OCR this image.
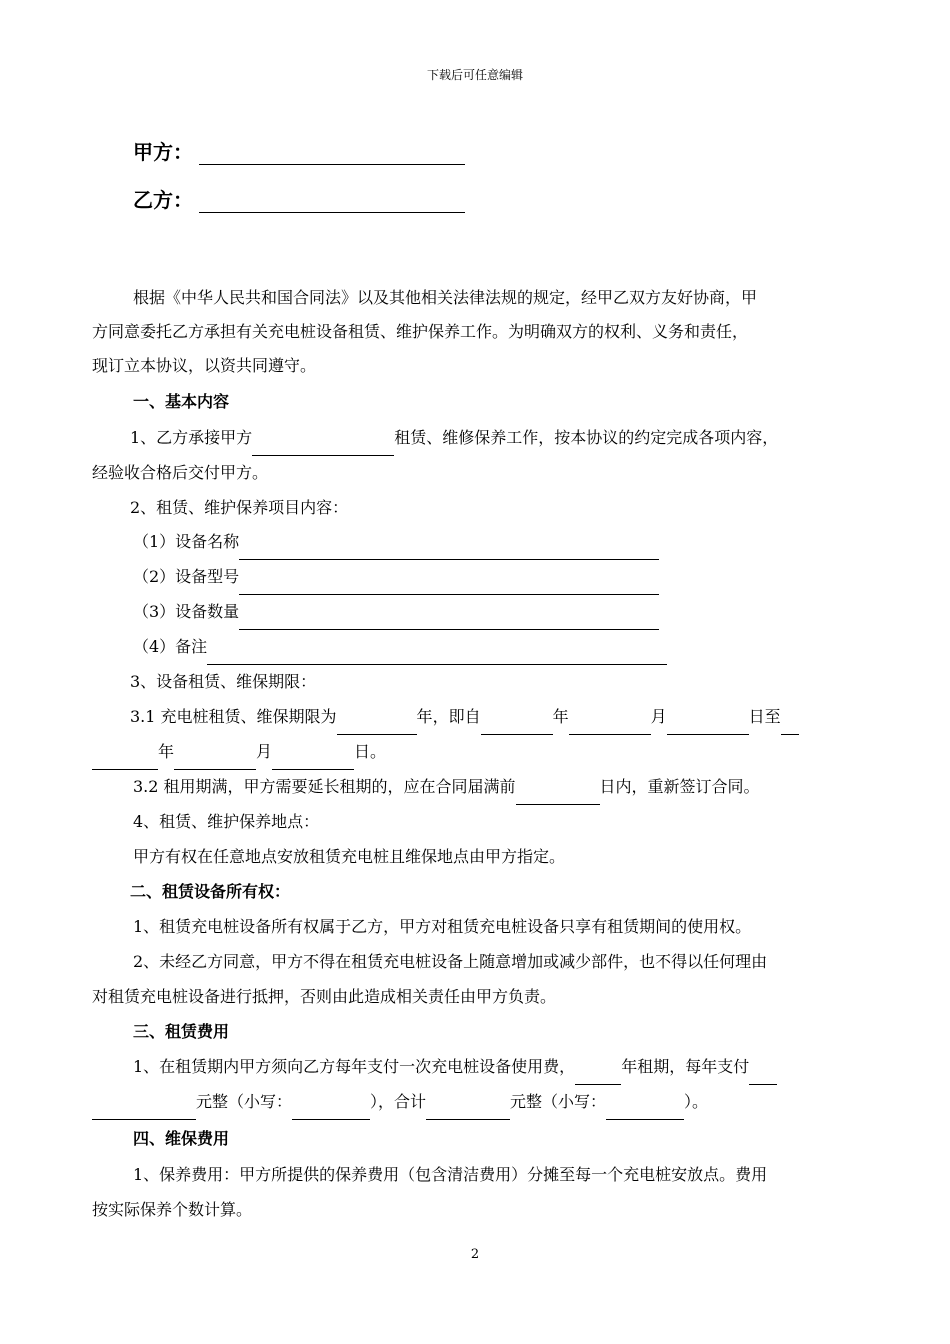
下载后可任意编辑
甲方：
乙方：
根据《中华人民共和国合同法》以及其他相关法律法规的规定，经甲乙双方友好协商，甲
方同意委托乙方承担有关充电桩设备租赁、维护保养工作。为明确双方的权利、义务和责任，
现订立本协议，以资共同遵守。
一、基本内容
1、乙方承接甲方	租赁、维修保养工作，按本协议的约定完成各项内容，
经验收合格后交付甲方。
2、租赁、维护保养项目内容：
（1）设备名称
（2）设备型号
（3）设备数量
（4）备注
3、设备租赁、维保期限：
3.1 充电桩租赁、维保期限为	年，即自	年	月	日至
年	月	日。
3.2 租用期满，甲方需要延长租期的，应在合同届满前	日内，重新签订合同。
4、租赁、维护保养地点：
甲方有权在任意地点安放租赁充电桩且维保地点由甲方指定。
二、租赁设备所有权：
1、租赁充电桩设备所有权属于乙方，甲方对租赁充电桩设备只享有租赁期间的使用权。
2、未经乙方同意，甲方不得在租赁充电桩设备上随意增加或减少部件，也不得以任何理由
对租赁充电桩设备进行抵押，否则由此造成相关责任由甲方负责。
三、租赁费用
1、在租赁期内甲方须向乙方每年支付一次充电桩设备使用费，	年租期，每年支付
元整（小写：	），合计	元整（小写：	）。
四、维保费用
1、保养费用：甲方所提供的保养费用（包含清洁费用）分摊至每一个充电桩安放点。费用
按实际保养个数计算。
2
